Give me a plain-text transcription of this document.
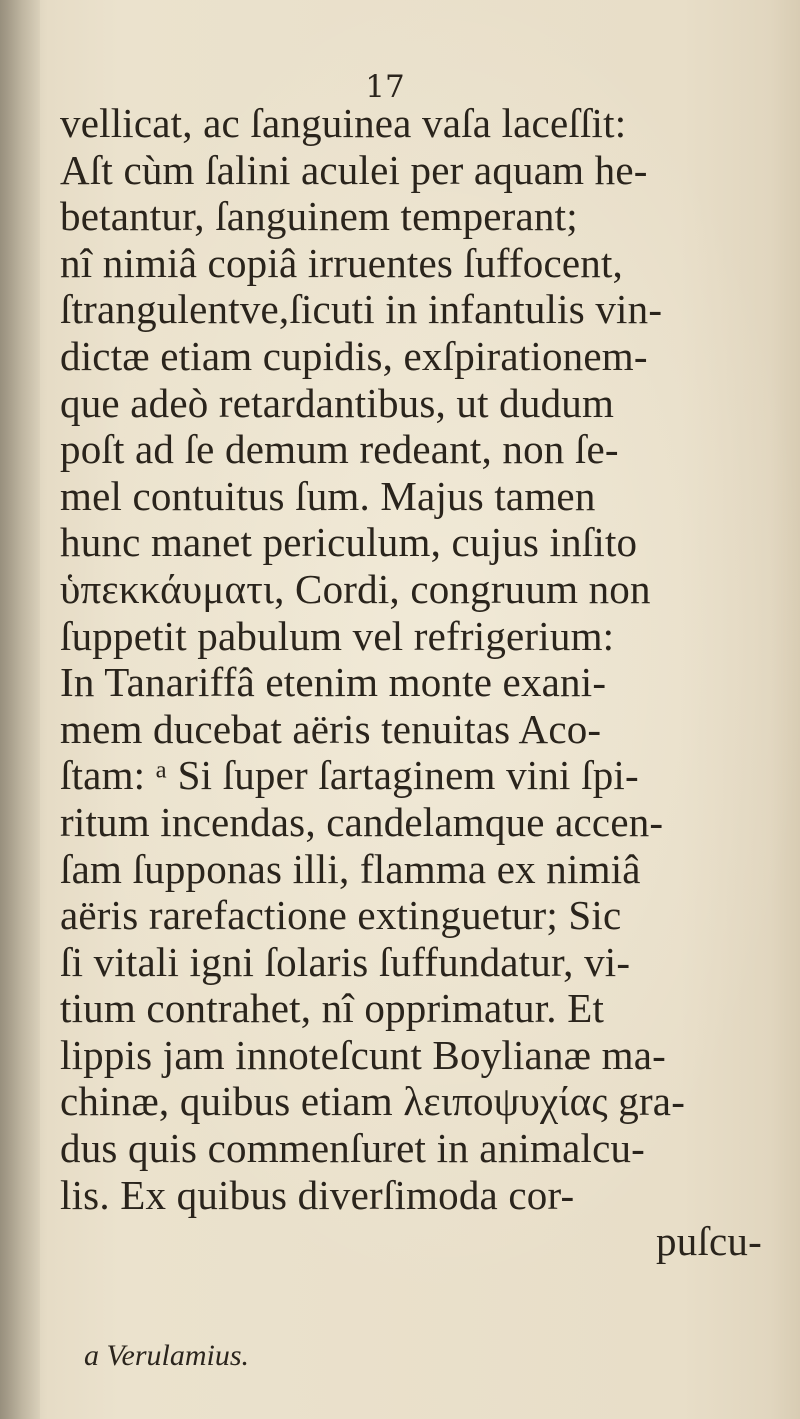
17
vellicat, ac ſanguinea vaſa laceſſit:
Aſt cùm ſalini aculei per aquam he-
betantur, ſanguinem temperant;
nî nimiâ copiâ irruentes ſuffocent,
ſtrangulentve,ſicuti in infantulis vin-
dictæ etiam cupidis, exſpirationem-
que adeò retardantibus, ut dudum
poſt ad ſe demum redeant, non ſe-
mel contuitus ſum. Majus tamen
hunc manet periculum, cujus inſito
ὑπεκκάυματι, Cordi, congruum non
ſuppetit pabulum vel refrigerium:
In Tanariffâ etenim monte exani-
mem ducebat aëris tenuitas Aco-
ſtam: ᵃ Si ſuper ſartaginem vini ſpi-
ritum incendas, candelamque accen-
ſam ſupponas illi, flamma ex nimiâ
aëris rarefactione extinguetur; Sic
ſi vitali igni ſolaris ſuffundatur, vi-
tium contrahet, nî opprimatur. Et
lippis jam innoteſcunt Boylianæ ma-
chinæ, quibus etiam λειποψυχίας gra-
dus quis commenſuret in animalcu-
lis. Ex quibus diverſimoda cor-
puſcu-
a Verulamius.
